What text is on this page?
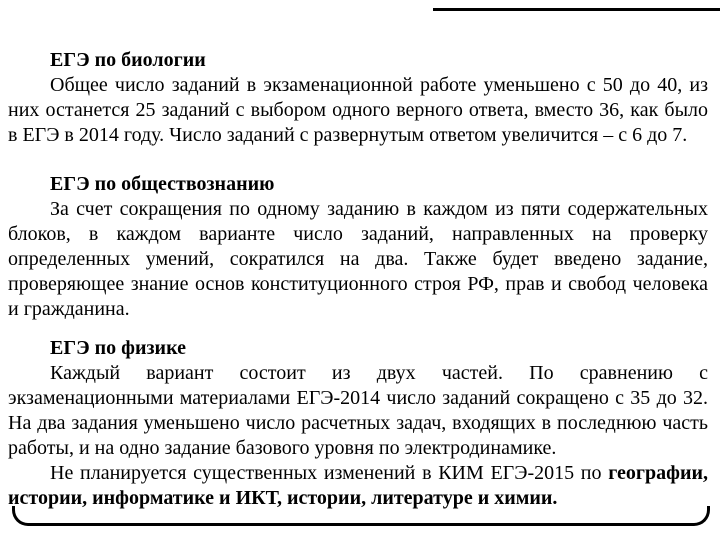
ЕГЭ по биологии

Общее число заданий в экзаменационной работе уменьшено с 50 до 40, из них останется 25 заданий с выбором одного верного ответа, вместо 36, как было в ЕГЭ в 2014 году. Число заданий с развернутым ответом увеличится – с 6 до 7.

ЕГЭ по обществознанию

За счет сокращения по одному заданию в каждом из пяти содержательных блоков, в каждом варианте число заданий, направленных на проверку определенных умений, сократился на два. Также будет введено задание, проверяющее знание основ конституционного строя РФ, прав и свобод человека и гражданина.

ЕГЭ по физике

Каждый вариант состоит из двух частей. По сравнению с экзаменационными материалами ЕГЭ-2014 число заданий сокращено с 35 до 32. На два задания уменьшено число расчетных задач, входящих в последнюю часть работы, и на одно задание базового уровня по электродинамике.

Не планируется существенных изменений в КИМ ЕГЭ-2015 по географии, истории, информатике и ИКТ, истории, литературе и химии.
